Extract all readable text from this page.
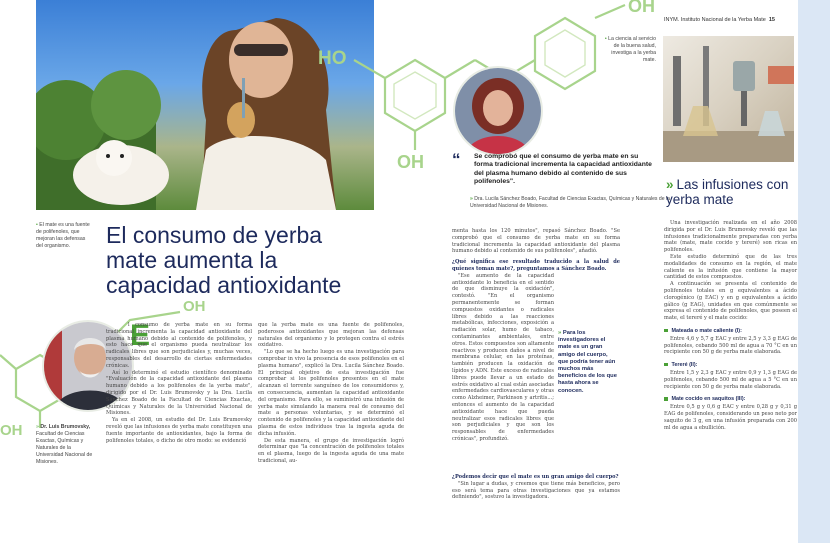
INYM. Instituto Nacional de la Yerba Mate 15
HO
OH
OH
OH
OH
• El mate es una fuente de polifenoles, que mejoran las defensas del organismo.
• La ciencia al servicio de la buena salud, investiga a la yerba mate.
» Dr. Luis Brumovsky, Facultad de Ciencias Exactas, Químicas y Naturales de la Universidad Nacional de Misiones.
El consumo de yerba mate aumenta la capacidad antioxidante
E

l consumo de yerba mate en su forma tradicional incrementa la capacidad antioxidante del plasma humano debido al contenido de polifenoles, y esto hace que el organismo pueda neutralizar los radicales libres que son perjudiciales y, muchas veces, responsables del desarrollo de ciertas enfermedades crónicas.

Así lo determinó el estudio científico denominado "Evaluación de la capacidad antioxidante del plasma humano debido a los polifenoles de la yerba mate", dirigido por el Dr. Luis Brumovsky y la Dra. Lucila Sánchez Boado de la Facultad de Ciencias Exactas, Químicas y Naturales de la Universidad Nacional de Misiones.

Ya en el 2008, un estudio del Dr. Luis Brumovsky reveló que las infusiones de yerba mate constituyen una fuente importante de antioxidantes, bajo la forma de polifenoles totales, o dicho de otro modo: se evidenció

que la yerba mate es una fuente de polifenoles, poderosos antioxidantes que mejoran las defensas naturales del organismo y lo protegen contra el estrés oxidativo.

"Lo que se ha hecho luego es una investigación para comprobar in vivo la presencia de esos polifenoles en el plasma humano", explicó la Dra. Lucila Sánchez Boado. El principal objetivo de esta investigación fue comprobar si los polifenoles presentes en el mate alcanzan el torrente sanguíneo de los consumidores y, en consecuencia, aumentan la capacidad antioxidante del organismo. Para ello, se suministró una infusión de yerba mate simulando la manera real de consumo del mate a personas voluntarias, y se determinó el contenido de polifenoles y la capacidad antioxidante del plasma de estos individuos tras la ingesta aguda de dicha infusión.

De esta manera, el grupo de investigación logró determinar que "la concentración de polifenoles totales en el plasma, luego de la ingesta aguda de una mate tradicional, au-

“ Se comprobó que el consumo de yerba mate en su forma tradicional incrementa la capacidad antioxidante del plasma humano debido al contenido de sus polifenoles".
» Dra. Lucila Sánchez Boado, Facultad de Ciencias Exactas, Químicas y Naturales de la Universidad Nacional de Misiones.

menta hasta los 120 minutos", repasó Sánchez Boado. "Se comprobó que el consumo de yerba mate en su forma tradicional incrementa la capacidad antioxidante del plasma humano debido al contenido de sus polifenoles", añadió.

¿Qué significa ese resultado traducido a la salud de quienes toman mate?, preguntamos a Sánchez Boado.

"Ese aumento de la capacidad antioxidante lo beneficia en el sentido de que disminuye la oxidación", contestó. "En el organismo permanentemente se forman compuestos oxidantes o radicales libres debido a las reacciones metabólicas, infecciones, exposición a radiación solar, humo de tabaco, contaminantes ambientales, entre otros. Estos compuestos son altamente reactivos y producen daños a nivel de membrana celular, en las proteínas, también producen la oxidación de lípidos y ADN. Este exceso de radicales libres puede llevar a un estado de estrés oxidativo al cual están asociadas enfermedades cardiovasculares y otras como Alzheimer, Parkinson y artritis...; entonces el aumento de la capacidad antioxidante hace que pueda neutralizar esos radicales libres que son perjudiciales y que son los responsables de enfermedades crónicas", profundizó.

¿Podemos decir que el mate es un gran amigo del cuerpo?

"Sin lugar a dudas, y creemos que tiene más beneficios, pero eso será tema para otras investigaciones que ya estamos definiendo", sostuvo la investigadora.

» Para los investigadores el mate es un gran amigo del cuerpo, que podría tener aún muchos más beneficios de los que hasta ahora se conocen.
» Las infusiones con yerba mate

Una investigación realizada en el año 2008 dirigida por el Dr. Luis Brumovsky reveló que las infusiones tradicionalmente preparadas con yerba mate (mate, mate cocido y tereré) son ricas en polifenoles.

Este estudio determinó que de las tres modalidades de consumo en la región, el mate caliente es la infusión que contiene la mayor cantidad de estos compuestos.

A continuación se presenta el contenido de polifenoles totales en g equivalentes a ácido clorogénico (g EAC) y en g equivalentes a ácido gálico (g EAG), unidades en que comúnmente se expresa el contenido de polifenoles, que poseen el mate, el tereré y el mate cocido:

Mateada o mate caliente (I):

Entre 4,6 y 5,7 g EAC y entre 2,5 y 3,3 g EAG de polifenoles, cebando 500 ml de agua a 70 °C en un recipiente con 50 g de yerba mate elaborada.

Tereré (II):

Entre 1,5 y 2,3 g EAC y entre 0,9 y 1,3 g EAG de polifenoles, cebando 500 ml de agua a 5 °C en un recipiente con 50 g de yerba mate elaborada.

Mate cocido en saquitos (III):

Entre 0,5 g y 0,6 g EAC y entre 0,28 g y 0,31 g EAG de polifenoles, considerando un peso neto por saquito de 3 g, en una infusión preparada con 200 ml de agua a ebullición.
